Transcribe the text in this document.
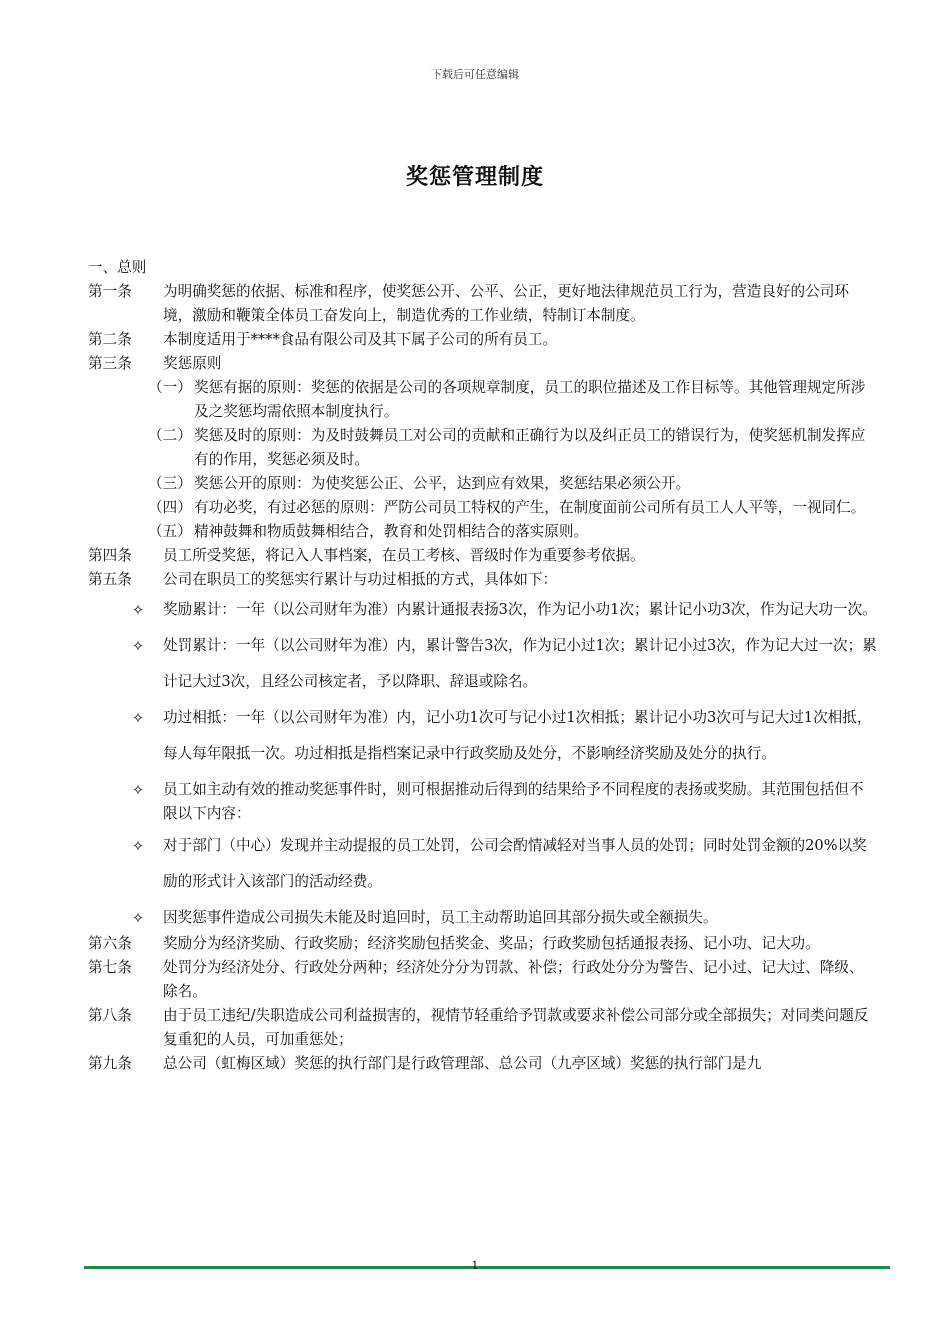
下载后可任意编辑
奖惩管理制度
一、总则
第一条 为明确奖惩的依据、标准和程序，使奖惩公开、公平、公正，更好地法律规范员工行为，营造良好的公司环境，激励和鞭策全体员工奋发向上，制造优秀的工作业绩，特制订本制度。
第二条 本制度适用于****食品有限公司及其下属子公司的所有员工。
第三条 奖惩原则
（一） 奖惩有据的原则：奖惩的依据是公司的各项规章制度，员工的职位描述及工作目标等。其他管理规定所涉及之奖惩均需依照本制度执行。
（二） 奖惩及时的原则：为及时鼓舞员工对公司的贡献和正确行为以及纠正员工的错误行为，使奖惩机制发挥应有的作用，奖惩必须及时。
（三） 奖惩公开的原则：为使奖惩公正、公平，达到应有效果，奖惩结果必须公开。
（四） 有功必奖，有过必惩的原则：严防公司员工特权的产生，在制度面前公司所有员工人人平等，一视同仁。
（五） 精神鼓舞和物质鼓舞相结合，教育和处罚相结合的落实原则。
第四条 员工所受奖惩，将记入人事档案，在员工考核、晋级时作为重要参考依据。
第五条 公司在职员工的奖惩实行累计与功过相抵的方式，具体如下：
✧ 奖励累计：一年（以公司财年为准）内累计通报表扬3次，作为记小功1次；累计记小功3次，作为记大功一次。
✧ 处罚累计：一年（以公司财年为准）内，累计警告3次，作为记小过1次；累计记小过3次，作为记大过一次；累计记大过3次，且经公司核定者，予以降职、辞退或除名。
✧ 功过相抵：一年（以公司财年为准）内，记小功1次可与记小过1次相抵；累计记小功3次可与记大过1次相抵，每人每年限抵一次。功过相抵是指档案记录中行政奖励及处分，不影响经济奖励及处分的执行。
✧ 员工如主动有效的推动奖惩事件时，则可根据推动后得到的结果给予不同程度的表扬或奖励。其范围包括但不限以下内容：
✧ 对于部门（中心）发现并主动提报的员工处罚，公司会酌情减轻对当事人员的处罚；同时处罚金额的20%以奖励的形式计入该部门的活动经费。
✧ 因奖惩事件造成公司损失未能及时追回时，员工主动帮助追回其部分损失或全额损失。
第六条 奖励分为经济奖励、行政奖励；经济奖励包括奖金、奖品；行政奖励包括通报表扬、记小功、记大功。
第七条 处罚分为经济处分、行政处分两种；经济处分分为罚款、补偿；行政处分分为警告、记小过、记大过、降级、除名。
第八条 由于员工违纪/失职造成公司利益损害的，视情节轻重给予罚款或要求补偿公司部分或全部损失；对同类问题反复重犯的人员，可加重惩处；
第九条 总公司（虹梅区域）奖惩的执行部门是行政管理部、总公司（九亭区域）奖惩的执行部门是九
1
